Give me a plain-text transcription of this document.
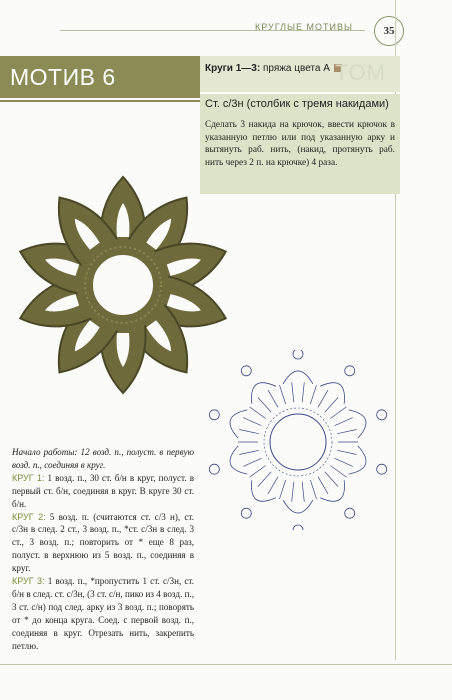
КРУГЛЫЕ МОТИВЫ	35
МОТИВ 6	Круги 1—3: пряжа цвета А ТОМ
Ст. с/3н (столбик с тремя накидами)
Сделать 3 накида на крючок, ввести крючок в указанную петлю или под указанную арку и вытянуть раб. нить, (накид, протянуть раб. нить через 2 п. на крючке) 4 раза.

Начало работы: 12 возд. п., полуст. в первую возд. п., соединяя в круг.

КРУГ 1: 1 возд. п., 30 ст. б/н в круг, полуст. в первый ст. б/н, соединяя в круг. В круге 30 ст. б/н.

КРУГ 2: 5 возд. п. (считаются ст. с/3 н), ст. с/3н в след. 2 ст., 3 возд. п., *ст. с/3н в след. 3 ст., 3 возд. п.; повторить от * еще 8 раз, полуст. в верхнюю из 5 возд. п., соединяя в круг.

КРУГ 3: 1 возд. п., *пропустить 1 ст. с/3н, ст. б/н в след. ст. с/3н, (3 ст. с/н, пико из 4 возд. п., 3 ст. с/н) под след. арку из 3 возд. п.; поворять от * до конца круга. Соед. с первой возд. п., соединяя в круг. Отрезать нить, закрепить петлю.
